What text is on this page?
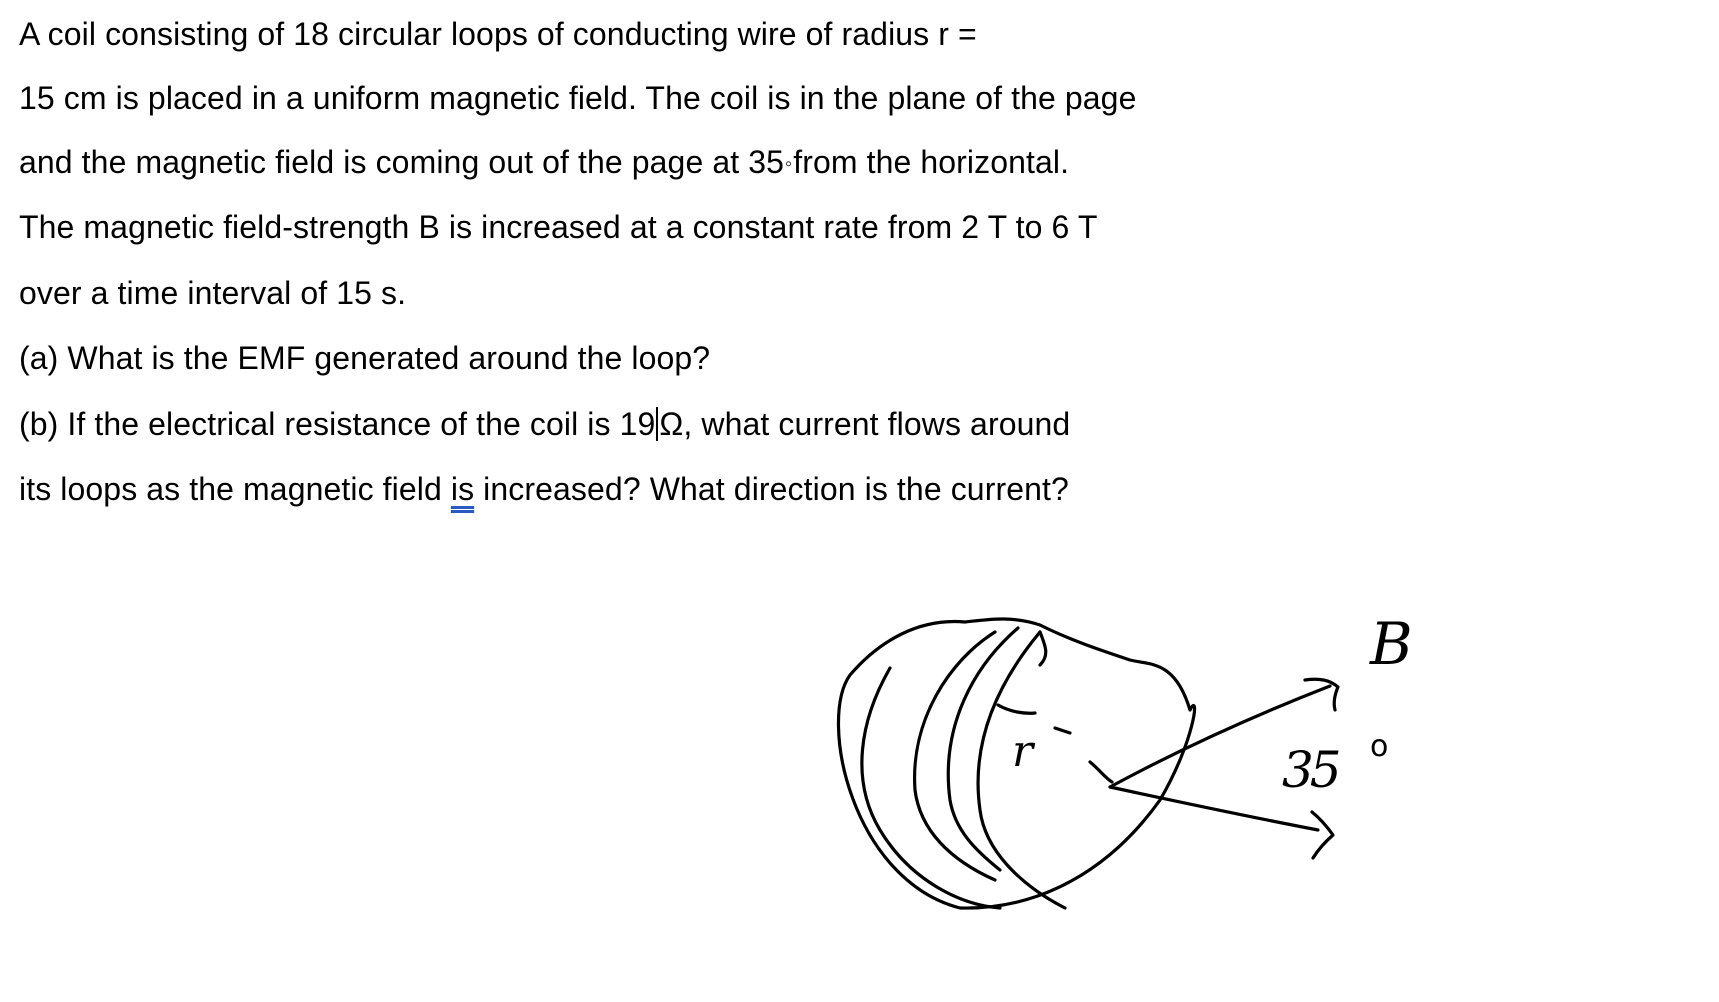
A coil consisting of 18 circular loops of conducting wire of radius r =
15 cm is placed in a uniform magnetic field. The coil is in the plane of the page
and the magnetic field is coming out of the page at 35◦from the horizontal.
The magnetic field-strength B is increased at a constant rate from 2 T to 6 T
over a time interval of 15 s.
(a) What is the EMF generated around the loop?
(b) If the electrical resistance of the coil is 19 Ω, what current flows around
its loops as the magnetic field is increased? What direction is the current?
r
B
35 o
